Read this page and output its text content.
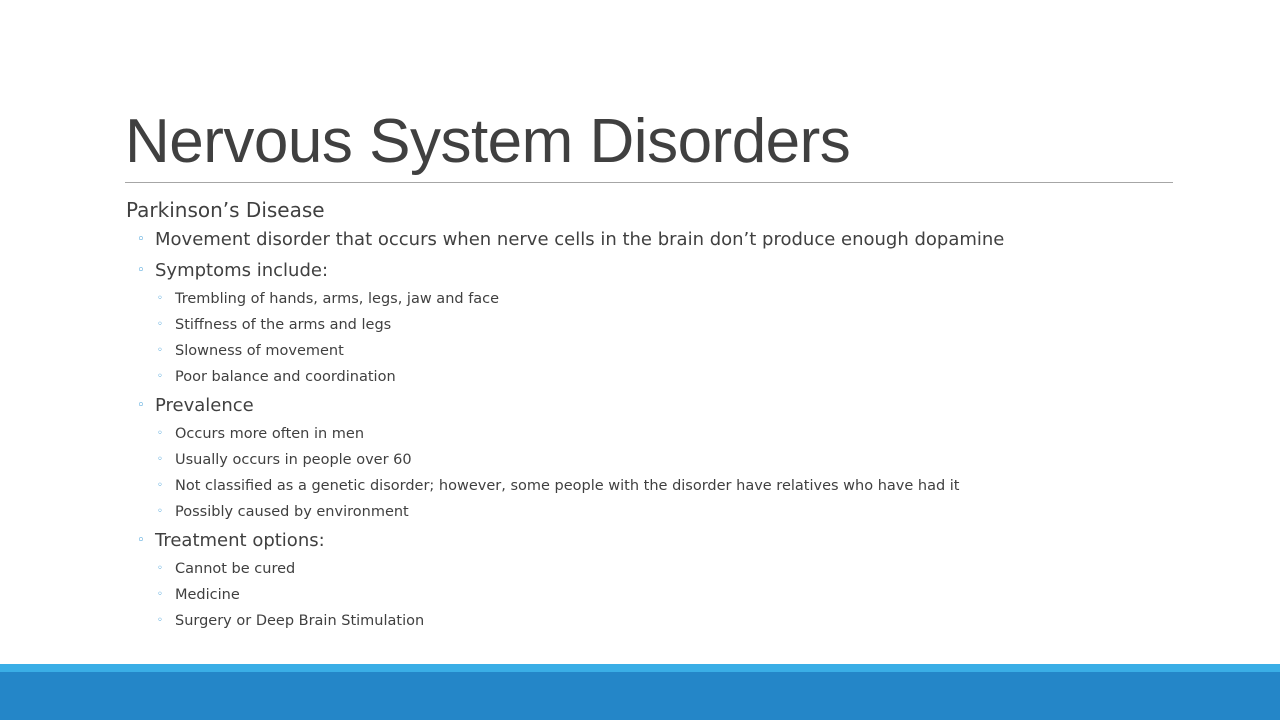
Nervous System Disorders
Parkinson’s Disease
◦ Movement disorder that occurs when nerve cells in the brain don’t produce enough dopamine
◦ Symptoms include:
◦ Trembling of hands, arms, legs, jaw and face
◦ Stiffness of the arms and legs
◦ Slowness of movement
◦ Poor balance and coordination
◦ Prevalence
◦ Occurs more often in men
◦ Usually occurs in people over 60
◦ Not classified as a genetic disorder; however, some people with the disorder have relatives who have had it
◦ Possibly caused by environment
◦ Treatment options:
◦ Cannot be cured
◦ Medicine
◦ Surgery or Deep Brain Stimulation
